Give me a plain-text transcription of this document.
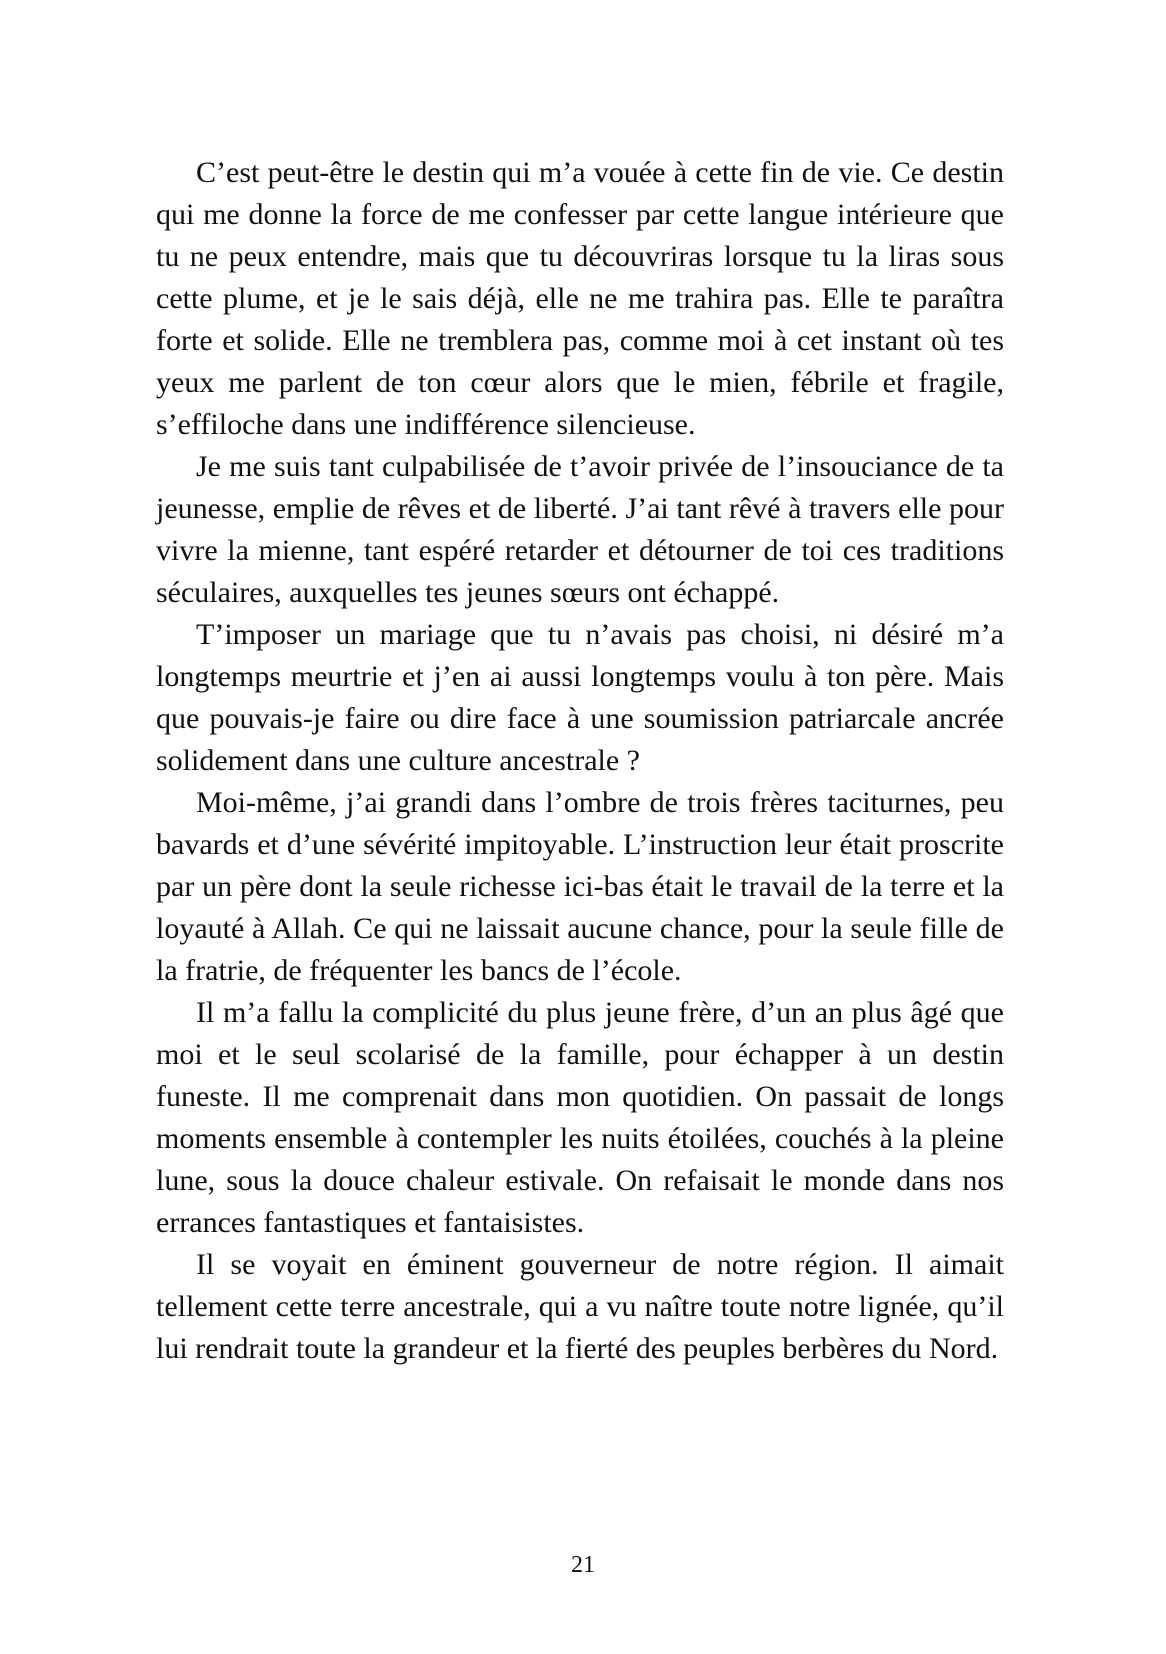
C’est peut-être le destin qui m’a vouée à cette fin de vie. Ce destin qui me donne la force de me confesser par cette langue intérieure que tu ne peux entendre, mais que tu découvriras lorsque tu la liras sous cette plume, et je le sais déjà, elle ne me trahira pas. Elle te paraîtra forte et solide. Elle ne tremblera pas, comme moi à cet instant où tes yeux me parlent de ton cœur alors que le mien, fébrile et fragile, s’effiloche dans une indifférence silencieuse.

Je me suis tant culpabilisée de t’avoir privée de l’insouciance de ta jeunesse, emplie de rêves et de liberté. J’ai tant rêvé à travers elle pour vivre la mienne, tant espéré retarder et détourner de toi ces traditions séculaires, auxquelles tes jeunes sœurs ont échappé.

T’imposer un mariage que tu n’avais pas choisi, ni désiré m’a longtemps meurtrie et j’en ai aussi longtemps voulu à ton père. Mais que pouvais-je faire ou dire face à une soumission patriarcale ancrée solidement dans une culture ancestrale ?

Moi-même, j’ai grandi dans l’ombre de trois frères taciturnes, peu bavards et d’une sévérité impitoyable. L’instruction leur était proscrite par un père dont la seule richesse ici-bas était le travail de la terre et la loyauté à Allah. Ce qui ne laissait aucune chance, pour la seule fille de la fratrie, de fréquenter les bancs de l’école.

Il m’a fallu la complicité du plus jeune frère, d’un an plus âgé que moi et le seul scolarisé de la famille, pour échapper à un destin funeste. Il me comprenait dans mon quotidien. On passait de longs moments ensemble à contempler les nuits étoilées, couchés à la pleine lune, sous la douce chaleur estivale. On refaisait le monde dans nos errances fantastiques et fantaisistes.

Il se voyait en éminent gouverneur de notre région. Il aimait tellement cette terre ancestrale, qui a vu naître toute notre lignée, qu’il lui rendrait toute la grandeur et la fierté des peuples berbères du Nord.

21
